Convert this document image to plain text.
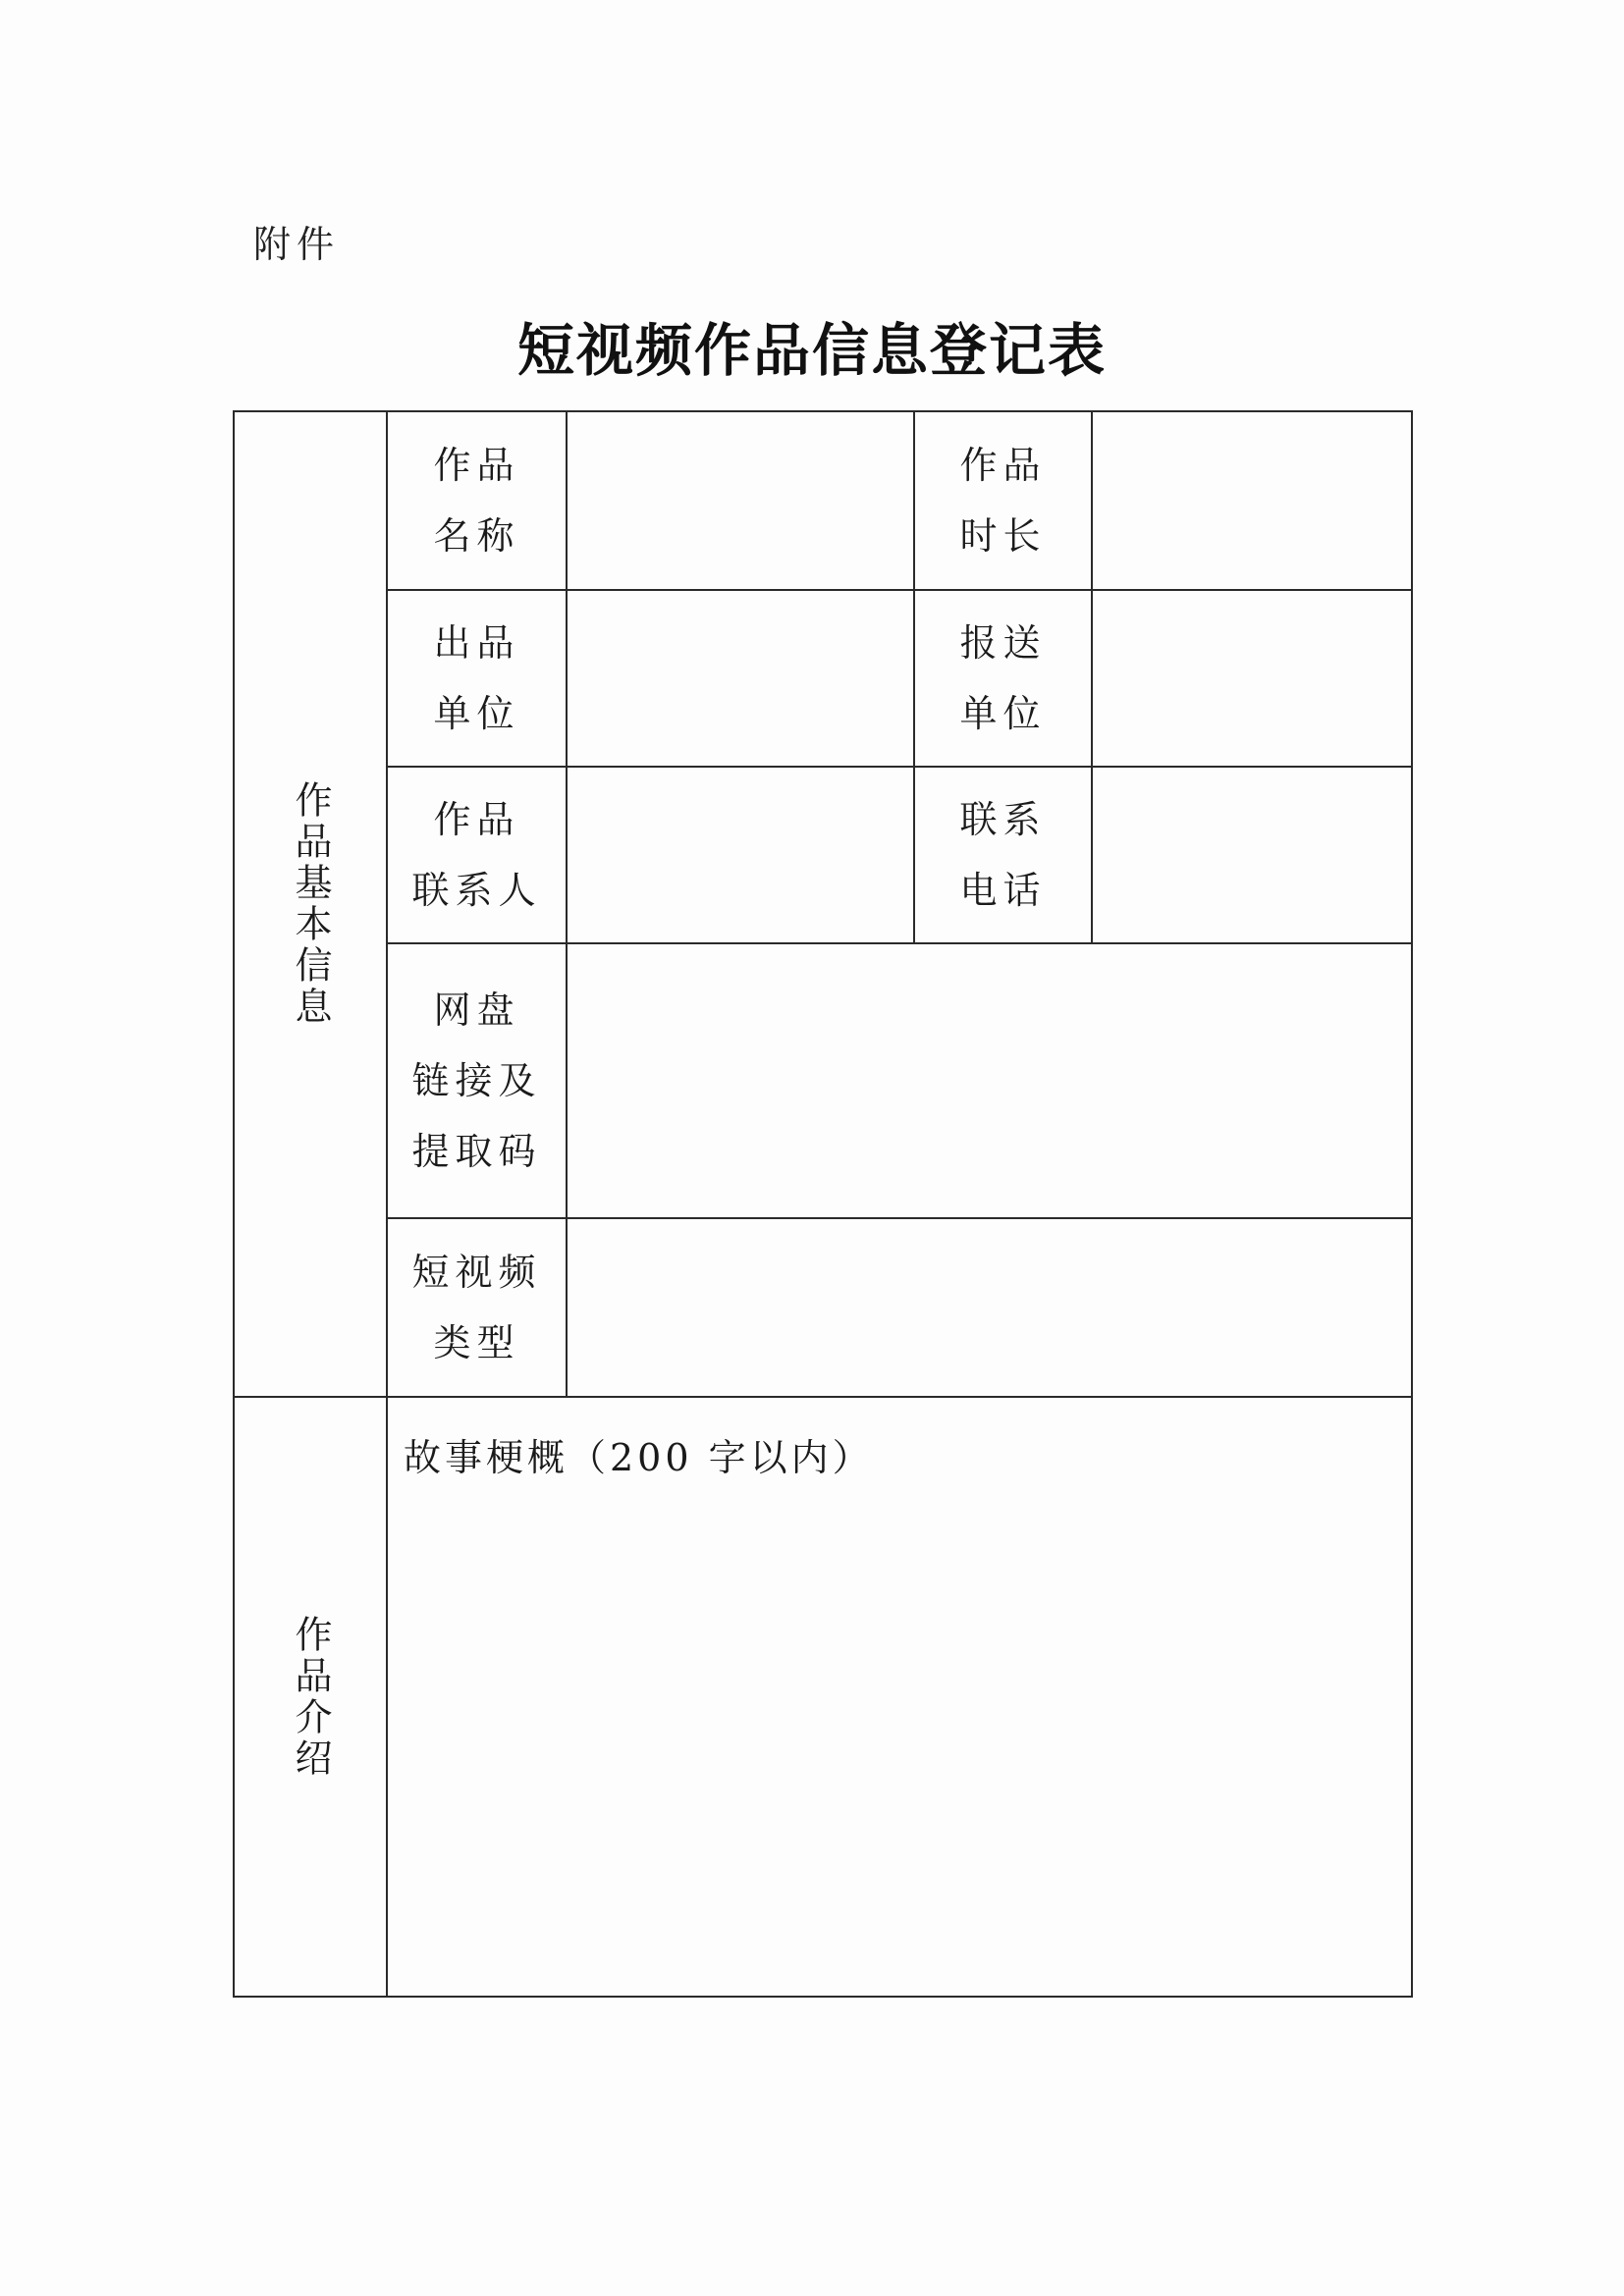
附件
短视频作品信息登记表
作品基本信息
作品
名称
作品
时长
出品
单位
报送
单位
作品
联系人
联系
电话
网盘
链接及
提取码
短视频
类型
作品介绍
故事梗概（200 字以内）
